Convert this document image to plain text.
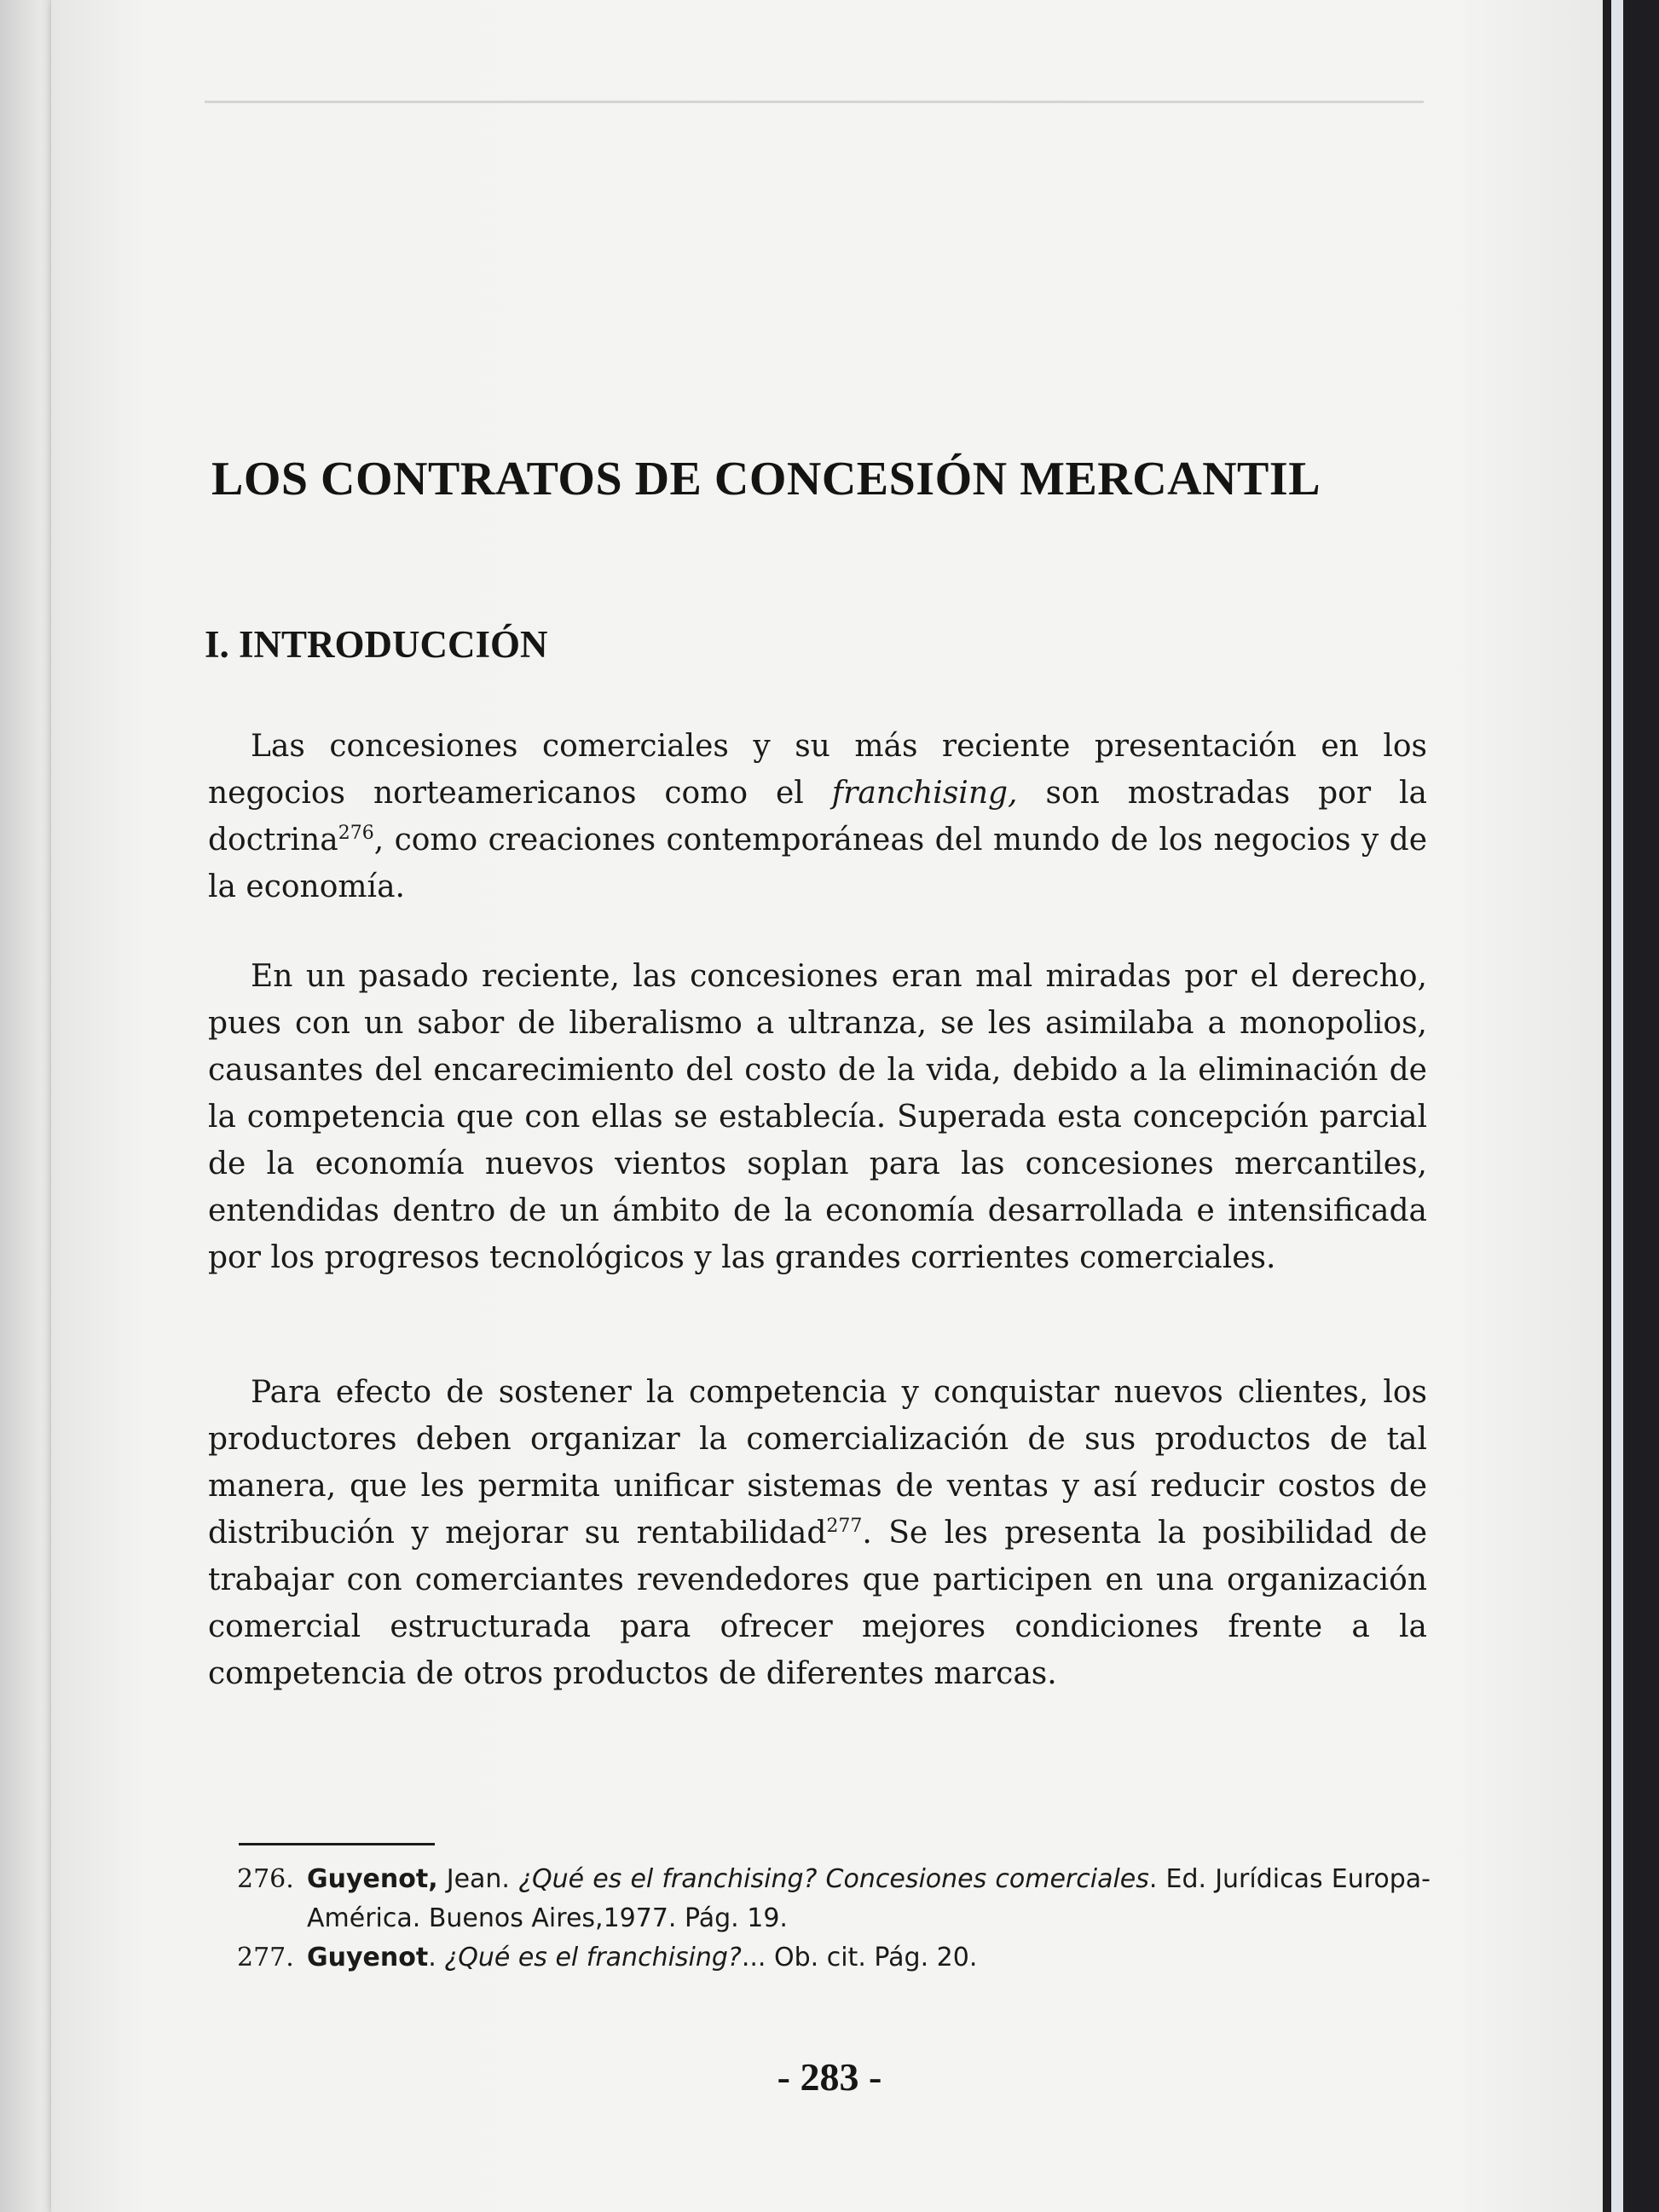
LOS CONTRATOS DE CONCESIÓN MERCANTIL
I. INTRODUCCIÓN

Las concesiones comerciales y su más reciente presentación en los negocios norteamericanos como el franchising, son mostradas por la doctrina$^{276}$, como creaciones contemporáneas del mundo de los negocios y de la economía.

En un pasado reciente, las concesiones eran mal miradas por el derecho, pues con un sabor de liberalismo a ultranza, se les asimilaba a monopolios, causantes del encarecimiento del costo de la vida, debido a la eliminación de la competencia que con ellas se establecía. Superada esta concepción parcial de la economía nuevos vientos soplan para las concesiones mercantiles, entendidas dentro de un ámbito de la economía desarrollada e intensificada por los progresos tecnológicos y las grandes corrientes comerciales.

Para efecto de sostener la competencia y conquistar nuevos clientes, los productores deben organizar la comercialización de sus productos de tal manera, que les permita unificar sistemas de ventas y así reducir costos de distribución y mejorar su rentabilidad$^{277}$. Se les presenta la posibilidad de trabajar con comerciantes revendedores que participen en una organización comercial estructurada para ofrecer mejores condiciones frente a la competencia de otros productos de diferentes marcas.

276. Guyenot, Jean. ¿Qué es el franchising? Concesiones comerciales. Ed. Jurídicas Europa-América. Buenos Aires,1977. Pág. 19.
277. Guyenot. ¿Qué es el franchising?... Ob. cit. Pág. 20.
- 283 -
